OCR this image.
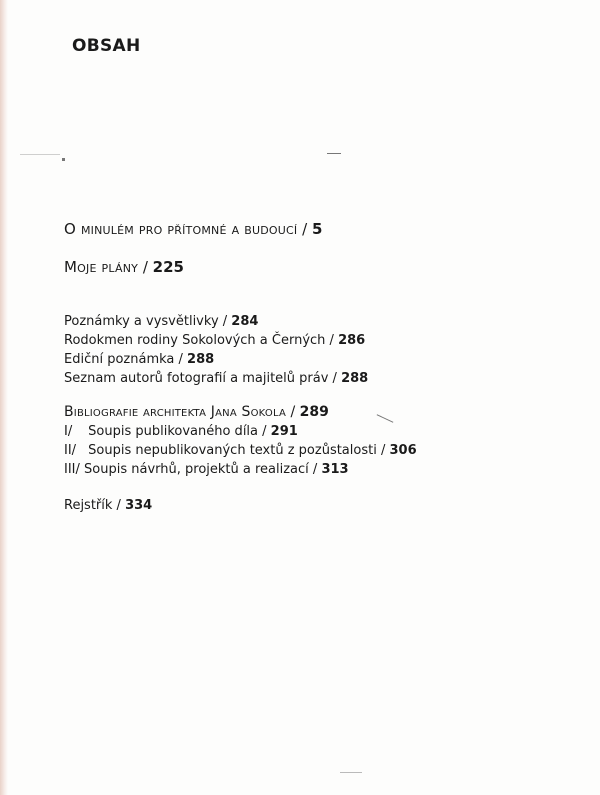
OBSAH
O minulém pro přítomné a budoucí / 5
Moje plány / 225
Poznámky a vysvětlivky / 284
Rodokmen rodiny Sokolových a Černých / 286
Ediční poznámka / 288
Seznam autorů fotografií a majitelů práv / 288
Bibliografie architekta Jana Sokola / 289
I/ Soupis publikovaného díla / 291
II/ Soupis nepublikovaných textů z pozůstalosti / 306
III/ Soupis návrhů, projektů a realizací / 313
Rejstřík / 334
